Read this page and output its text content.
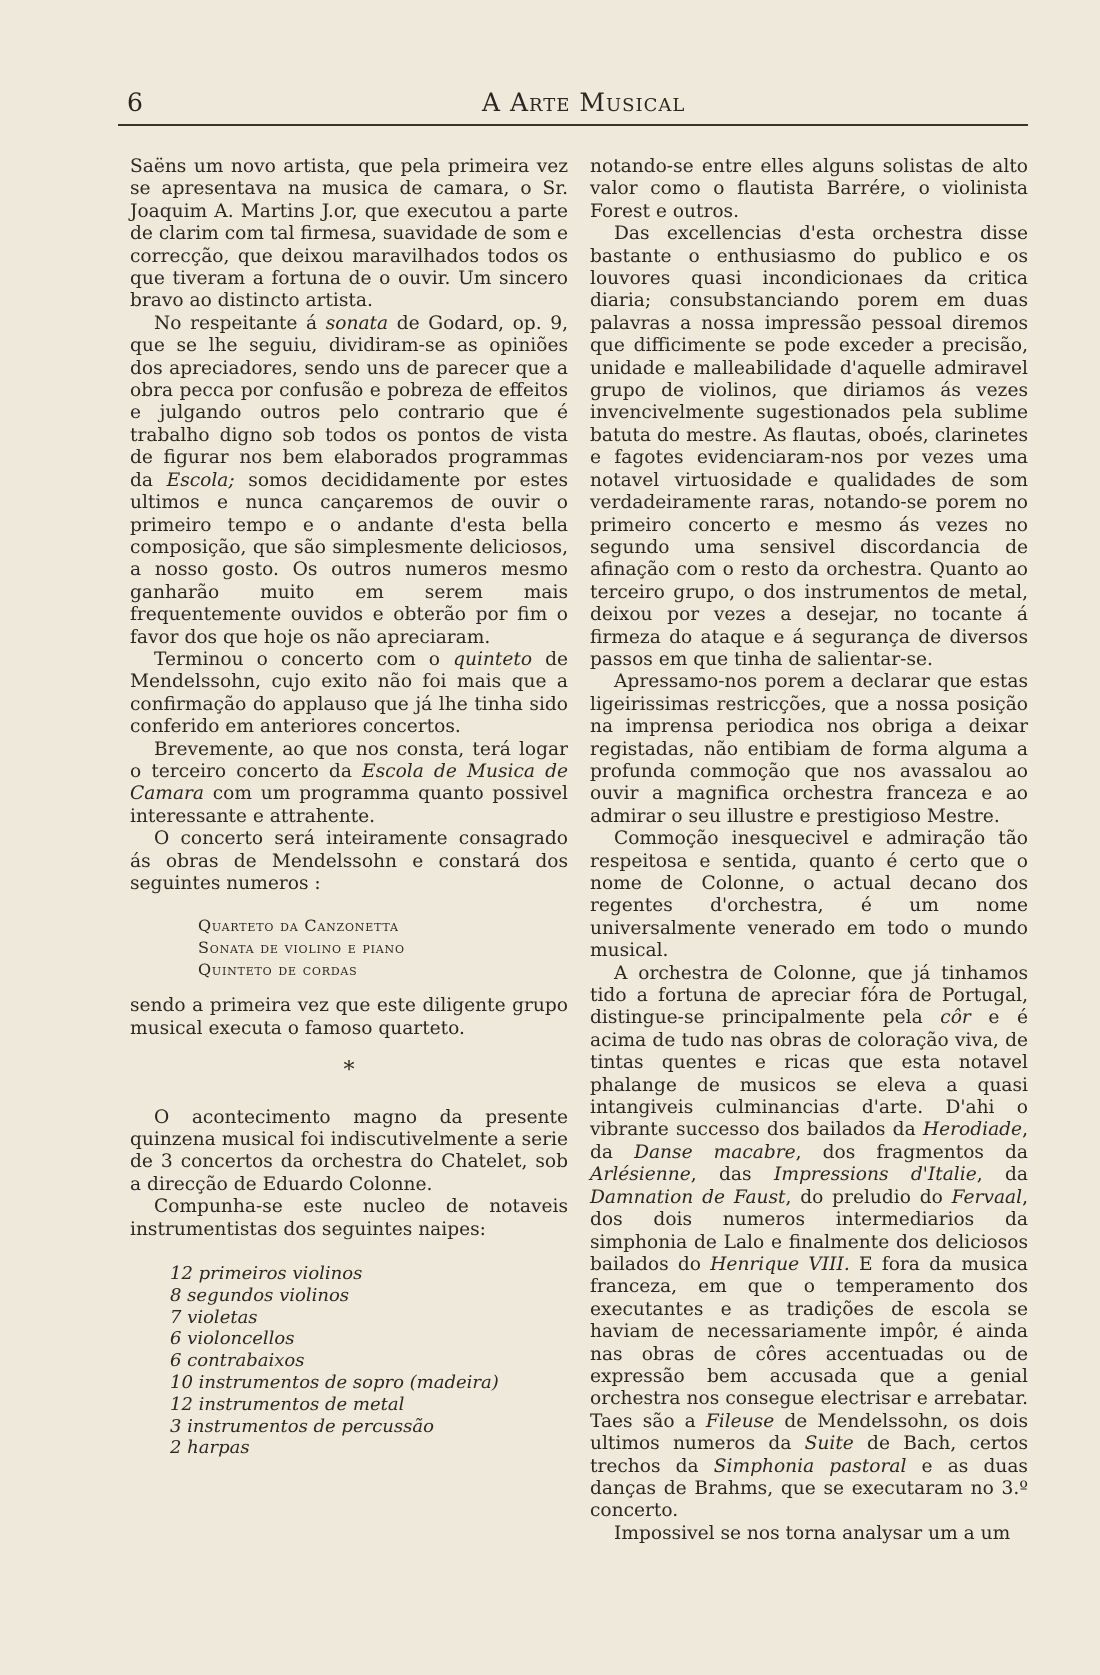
6	A Arte Musical

Saëns um novo artista, que pela primeira vez se apresentava na musica de camara, o Sr. Joaquim A. Martins J.or, que executou a parte de clarim com tal firmesa, suavidade de som e correcção, que deixou maravilhados todos os que tiveram a fortuna de o ouvir. Um sincero bravo ao distincto artista.

No respeitante á sonata de Godard, op. 9, que se lhe seguiu, dividiram-se as opiniões dos apreciadores, sendo uns de parecer que a obra pecca por confusão e pobreza de effeitos e julgando outros pelo contrario que é trabalho digno sob todos os pontos de vista de figurar nos bem elaborados programmas da Escola; somos decididamente por estes ultimos e nunca cançaremos de ouvir o primeiro tempo e o andante d'esta bella composição, que são simplesmente deliciosos, a nosso gosto. Os outros numeros mesmo ganharão muito em serem mais frequentemente ouvidos e obterão por fim o favor dos que hoje os não apreciaram.

Terminou o concerto com o quinteto de Mendelssohn, cujo exito não foi mais que a confirmação do applauso que já lhe tinha sido conferido em anteriores concertos.

Brevemente, ao que nos consta, terá logar o terceiro concerto da Escola de Musica de Camara com um programma quanto possivel interessante e attrahente.

O concerto será inteiramente consagrado ás obras de Mendelssohn e constará dos seguintes numeros :

Quarteto da Canzonetta
Sonata de violino e piano
Quinteto de cordas

sendo a primeira vez que este diligente grupo musical executa o famoso quarteto.

*

O acontecimento magno da presente quinzena musical foi indiscutivelmente a serie de 3 concertos da orchestra do Chatelet, sob a direcção de Eduardo Colonne.

Compunha-se este nucleo de notaveis instrumentistas dos seguintes naipes:

12 primeiros violinos
8 segundos violinos
7 violetas
6 violoncellos
6 contrabaixos
10 instrumentos de sopro (madeira)
12 instrumentos de metal
3 instrumentos de percussão
2 harpas

notando-se entre elles alguns solistas de alto valor como o flautista Barrére, o violinista Forest e outros.

Das excellencias d'esta orchestra disse bastante o enthusiasmo do publico e os louvores quasi incondicionaes da critica diaria; consubstanciando porem em duas palavras a nossa impressão pessoal diremos que difficimente se pode exceder a precisão, unidade e malleabilidade d'aquelle admiravel grupo de violinos, que diriamos ás vezes invencivelmente sugestionados pela sublime batuta do mestre. As flautas, oboés, clarinetes e fagotes evidenciaram-nos por vezes uma notavel virtuosidade e qualidades de som verdadeiramente raras, notando-se porem no primeiro concerto e mesmo ás vezes no segundo uma sensivel discordancia de afinação com o resto da orchestra. Quanto ao terceiro grupo, o dos instrumentos de metal, deixou por vezes a desejar, no tocante á firmeza do ataque e á segurança de diversos passos em que tinha de salientar-se.

Apressamo-nos porem a declarar que estas ligeirissimas restricções, que a nossa posição na imprensa periodica nos obriga a deixar registadas, não entibiam de forma alguma a profunda commoção que nos avassalou ao ouvir a magnifica orchestra franceza e ao admirar o seu illustre e prestigioso Mestre.

Commoção inesquecivel e admiração tão respeitosa e sentida, quanto é certo que o nome de Colonne, o actual decano dos regentes d'orchestra, é um nome universalmente venerado em todo o mundo musical.

A orchestra de Colonne, que já tinhamos tido a fortuna de apreciar fóra de Portugal, distingue-se principalmente pela côr e é acima de tudo nas obras de coloração viva, de tintas quentes e ricas que esta notavel phalange de musicos se eleva a quasi intangiveis culminancias d'arte. D'ahi o vibrante successo dos bailados da Herodiade, da Danse macabre, dos fragmentos da Arlésienne, das Impressions d'Italie, da Damnation de Faust, do preludio do Fervaal, dos dois numeros intermediarios da simphonia de Lalo e finalmente dos deliciosos bailados do Henrique VIII. E fora da musica franceza, em que o temperamento dos executantes e as tradições de escola se haviam de necessariamente impôr, é ainda nas obras de côres accentuadas ou de expressão bem accusada que a genial orchestra nos consegue electrisar e arrebatar. Taes são a Fileuse de Mendelssohn, os dois ultimos numeros da Suite de Bach, certos trechos da Simphonia pastoral e as duas danças de Brahms, que se executaram no 3.º concerto.

Impossivel se nos torna analysar um a um
